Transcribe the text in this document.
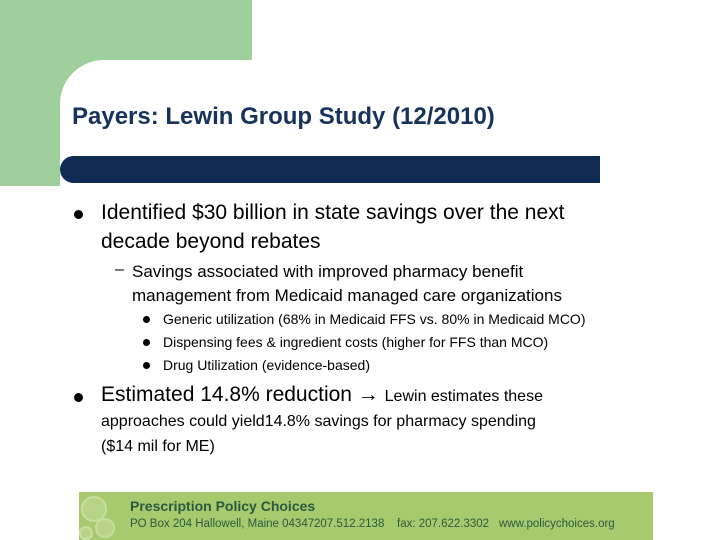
Payers: Lewin Group Study (12/2010)
Identified $30 billion in state savings over the next
decade beyond rebates
– Savings associated with improved pharmacy benefit
management from Medicaid managed care organizations
Generic utilization (68% in Medicaid FFS vs. 80% in Medicaid MCO)
Dispensing fees & ingredient costs (higher for FFS than MCO)
Drug Utilization (evidence-based)
Estimated 14.8% reduction → Lewin estimates these
approaches could yield14.8% savings for pharmacy spending
($14 mil for ME)
Prescription Policy Choices
PO Box 204 Hallowell, Maine 04347 207.512.2138 fax: 207.622.3302 www.policychoices.org
